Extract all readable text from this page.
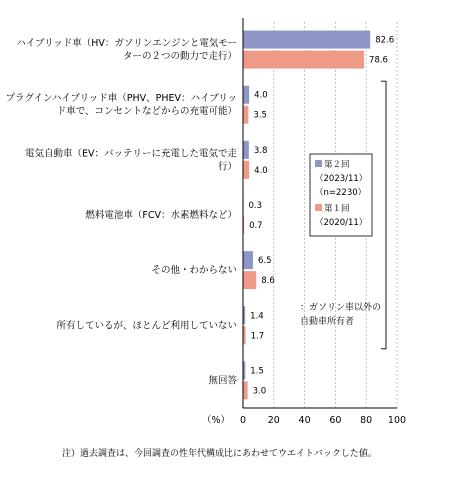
ハイブリッド車（HV：ガソリンエンジンと電気モー
ターの２つの動力で走行）
プラグインハイブリッド車（PHV、PHEV：ハイブリッ
ド車で、コンセントなどからの充電可能）
電気自動車（EV：バッテリーに充電した電気で走
行）
燃料電池車（FCV：水素燃料など）
その他・わからない
所有しているが、ほとんど利用していない
無回答
82.6
78.6
4.0
3.5
3.8
4.0
0.3
0.7
6.5
8.6
1.4
1.7
1.5
3.0
0 20 40 60 80 100
（%）
第２回
（2023/11）
（n=2230）
第１回
（2020/11）
：ガソリン車以外の
自動車所有者
注）過去調査は、今回調査の性年代構成比にあわせてウエイトバックした値。
